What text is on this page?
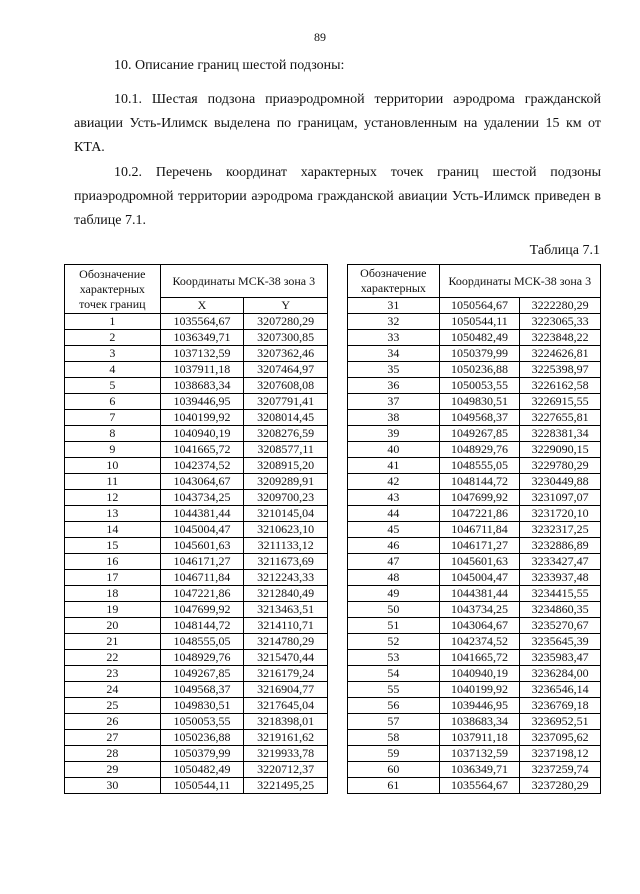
89
10. Описание границ шестой подзоны:
10.1. Шестая подзона приаэродромной территории аэродрома гражданской авиации Усть-Илимск выделена по границам, установленным на удалении 15 км от КТА.
10.2. Перечень координат характерных точек границ шестой подзоны приаэродромной территории аэродрома гражданской авиации Усть-Илимск приведен в таблице 7.1.
Таблица 7.1
Обозначение характерных точек границ	Координаты МСК-38 зона 3	
	X	Y
1	1035564,67	3207280,29
2	1036349,71	3207300,85
3	1037132,59	3207362,46
4	1037911,18	3207464,97
5	1038683,34	3207608,08
6	1039446,95	3207791,41
7	1040199,92	3208014,45
8	1040940,19	3208276,59
9	1041665,72	3208577,11
10	1042374,52	3208915,20
11	1043064,67	3209289,91
12	1043734,25	3209700,23
13	1044381,44	3210145,04
14	1045004,47	3210623,10
15	1045601,63	3211133,12
16	1046171,27	3211673,69
17	1046711,84	3212243,33
18	1047221,86	3212840,49
19	1047699,92	3213463,51
20	1048144,72	3214110,71
21	1048555,05	3214780,29
22	1048929,76	3215470,44
23	1049267,85	3216179,24
24	1049568,37	3216904,77
25	1049830,51	3217645,04
26	1050053,55	3218398,01
27	1050236,88	3219161,62
28	1050379,99	3219933,78
29	1050482,49	3220712,37
30	1050544,11	3221495,25
Обозначение характерных	Координаты МСК-38 зона 3	
31	1050564,67	3222280,29
32	1050544,11	3223065,33
33	1050482,49	3223848,22
34	1050379,99	3224626,81
35	1050236,88	3225398,97
36	1050053,55	3226162,58
37	1049830,51	3226915,55
38	1049568,37	3227655,81
39	1049267,85	3228381,34
40	1048929,76	3229090,15
41	1048555,05	3229780,29
42	1048144,72	3230449,88
43	1047699,92	3231097,07
44	1047221,86	3231720,10
45	1046711,84	3232317,25
46	1046171,27	3232886,89
47	1045601,63	3233427,47
48	1045004,47	3233937,48
49	1044381,44	3234415,55
50	1043734,25	3234860,35
51	1043064,67	3235270,67
52	1042374,52	3235645,39
53	1041665,72	3235983,47
54	1040940,19	3236284,00
55	1040199,92	3236546,14
56	1039446,95	3236769,18
57	1038683,34	3236952,51
58	1037911,18	3237095,62
59	1037132,59	3237198,12
60	1036349,71	3237259,74
61	1035564,67	3237280,29
